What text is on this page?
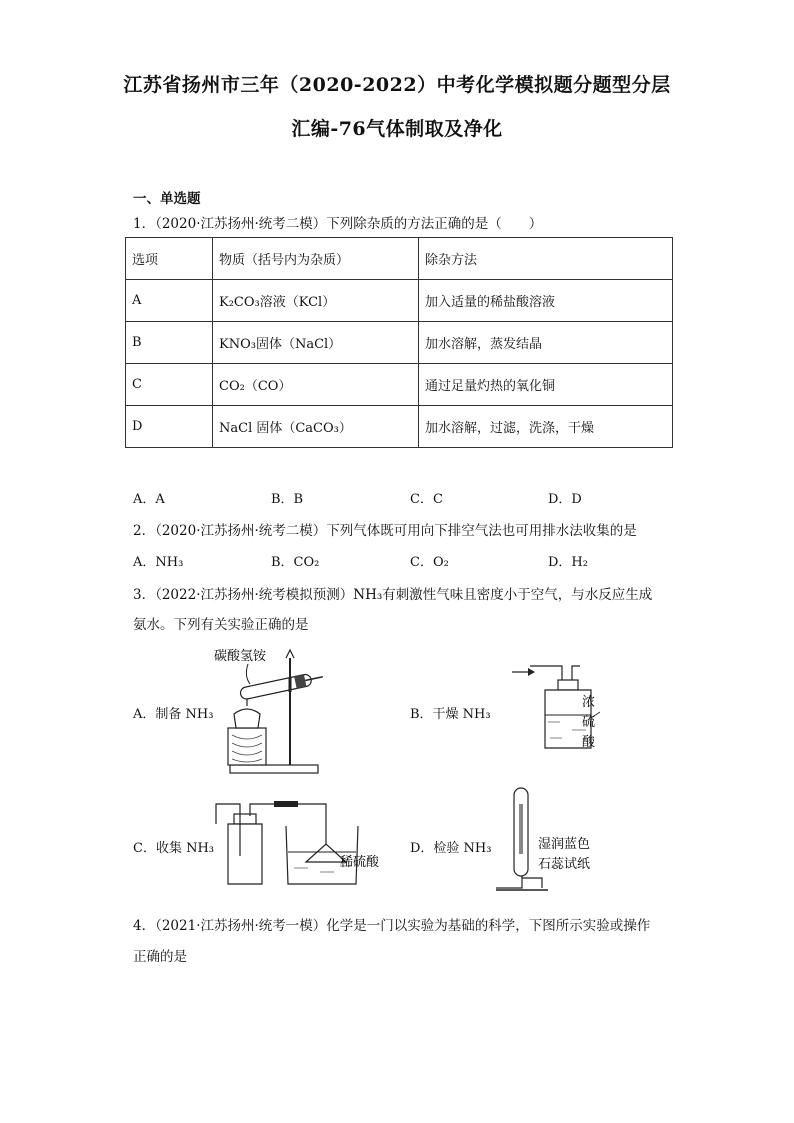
江苏省扬州市三年（2020-2022）中考化学模拟题分题型分层
汇编-76气体制取及净化
一、单选题
1．（2020·江苏扬州·统考二模）下列除杂质的方法正确的是（　　）
选项	物质（括号内为杂质）	除杂方法
A	K₂CO₃溶液（KCl）	加入适量的稀盐酸溶液
B	KNO₃固体（NaCl）	加水溶解，蒸发结晶
C	CO₂（CO）	通过足量灼热的氧化铜
D	NaCl 固体（CaCO₃）	加水溶解，过滤，洗涤，干燥
A．A	B．B	C．C	D．D
2．（2020·江苏扬州·统考二模）下列气体既可用向下排空气法也可用排水法收集的是
A．NH₃	B．CO₂	C．O₂	D．H₂
3．（2022·江苏扬州·统考模拟预测）NH₃有刺激性气味且密度小于空气，与水反应生成
氨水。下列有关实验正确的是
A．制备 NH₃
碳酸氢铵
B．干燥 NH₃
浓
硫
酸
C．收集 NH₃
稀硫酸
D．检验 NH₃	湿润蓝色
石蕊试纸
4．（2021·江苏扬州·统考一模）化学是一门以实验为基础的科学，下图所示实验或操作
正确的是
